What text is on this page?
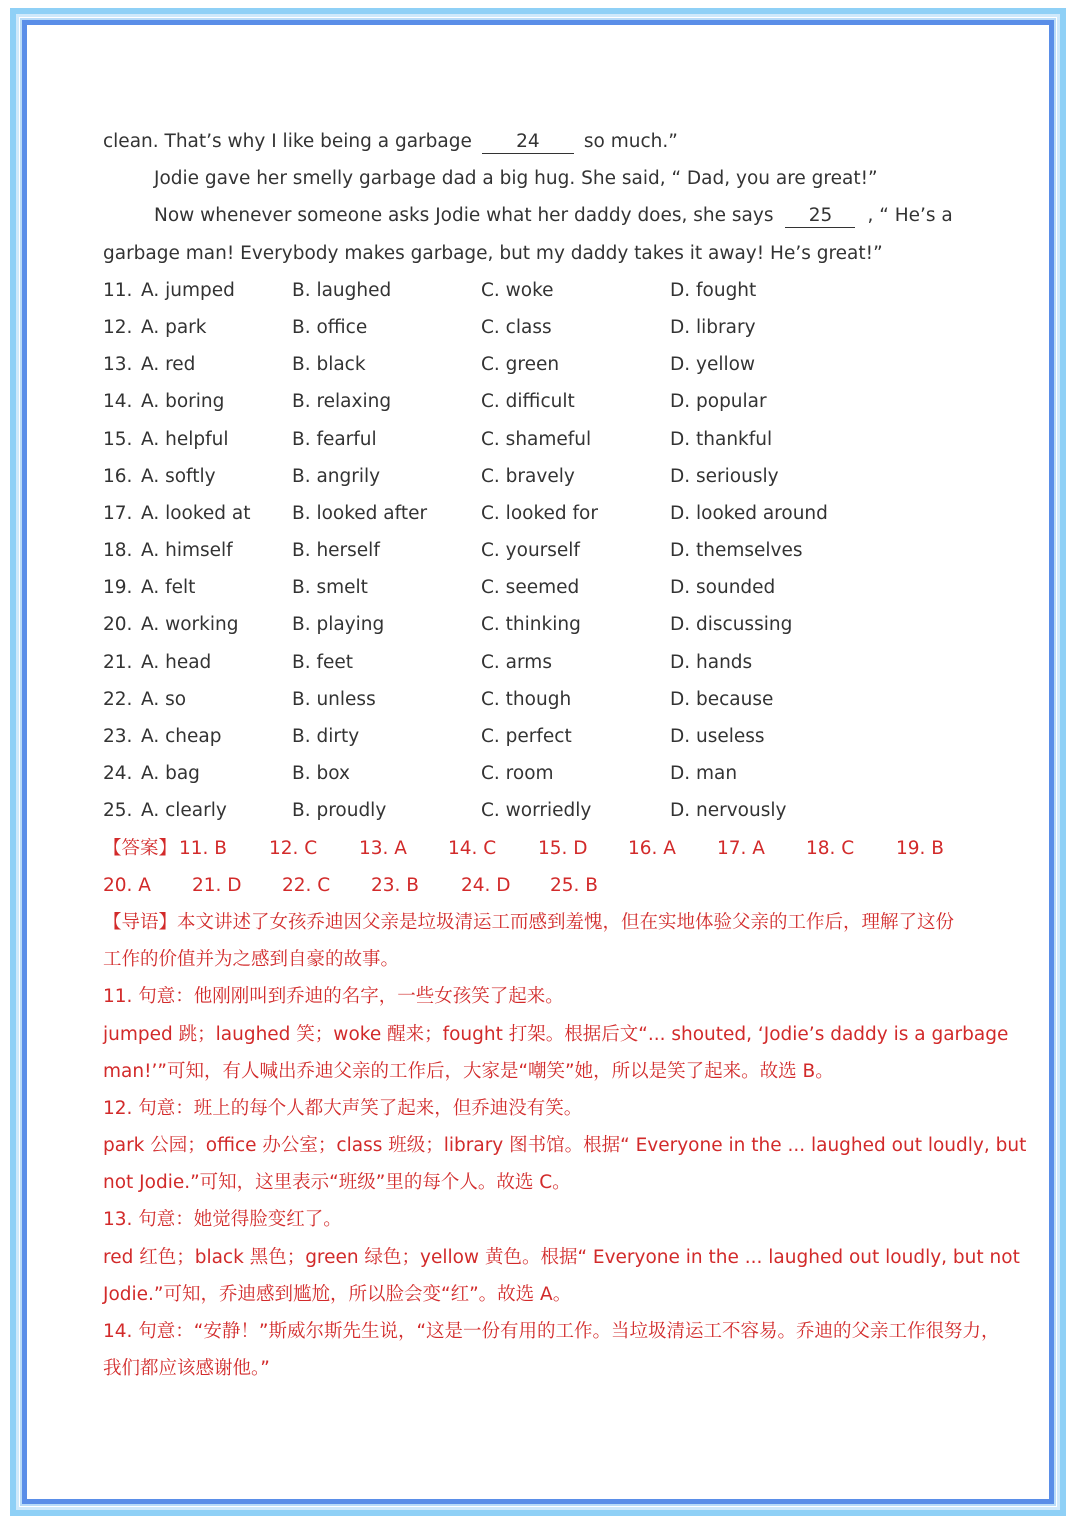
clean. That’s why I like being a garbage 24 so much.”
Jodie gave her smelly garbage dad a big hug. She said, “ Dad, you are great!”
Now whenever someone asks Jodie what her daddy does, she says 25 , “ He’s a
garbage man! Everybody makes garbage, but my daddy takes it away! He’s great!”
11. A. jumped	B. laughed	C. woke	D. fought
12. A. park	B. office	C. class	D. library
13. A. red	B. black	C. green	D. yellow
14. A. boring	B. relaxing	C. difficult	D. popular
15. A. helpful	B. fearful	C. shameful	D. thankful
16. A. softly	B. angrily	C. bravely	D. seriously
17. A. looked at B. looked after	C. looked for	D. looked around
18. A. himself	B. herself	C. yourself	D. themselves
19. A. felt	B. smelt	C. seemed	D. sounded
20. A. working	B. playing	C. thinking	D. discussing
21. A. head	B. feet	C. arms	D. hands
22. A. so	B. unless	C. though	D. because
23. A. cheap	B. dirty	C. perfect	D. useless
24. A. bag	B. box	C. room	D. man
25. A. clearly	B. proudly	C. worriedly	D. nervously
【答案】 11. B 12. C 13. A 14. C 15. D 16. A 17. A 18. C 19. B
20. A 21. D 22. C 23. B 24. D 25. B
【导语】本文讲述了女孩乔迪因父亲是垃圾清运工而感到羞愧，但在实地体验父亲的工作后，理解了这份
工作的价值并为之感到自豪的故事。
11. 句意：他刚刚叫到乔迪的名字，一些女孩笑了起来。
jumped 跳；laughed 笑；woke 醒来；fought 打架。根据后文“... shouted, ‘Jodie’s daddy is a garbage
man!’”可知，有人喊出乔迪父亲的工作后，大家是“嘲笑”她，所以是笑了起来。故选 B。
12. 句意：班上的每个人都大声笑了起来，但乔迪没有笑。
park 公园；office 办公室；class 班级；library 图书馆。根据“ Everyone in the ... laughed out loudly, but
not Jodie.”可知，这里表示“班级”里的每个人。故选 C。
13. 句意：她觉得脸变红了。
red 红色；black 黑色；green 绿色；yellow 黄色。根据“ Everyone in the ... laughed out loudly, but not
Jodie.”可知，乔迪感到尴尬，所以脸会变“红”。故选 A。
14. 句意：“安静！”斯威尔斯先生说，“这是一份有用的工作。当垃圾清运工不容易。乔迪的父亲工作很努力，
我们都应该感谢他。”
